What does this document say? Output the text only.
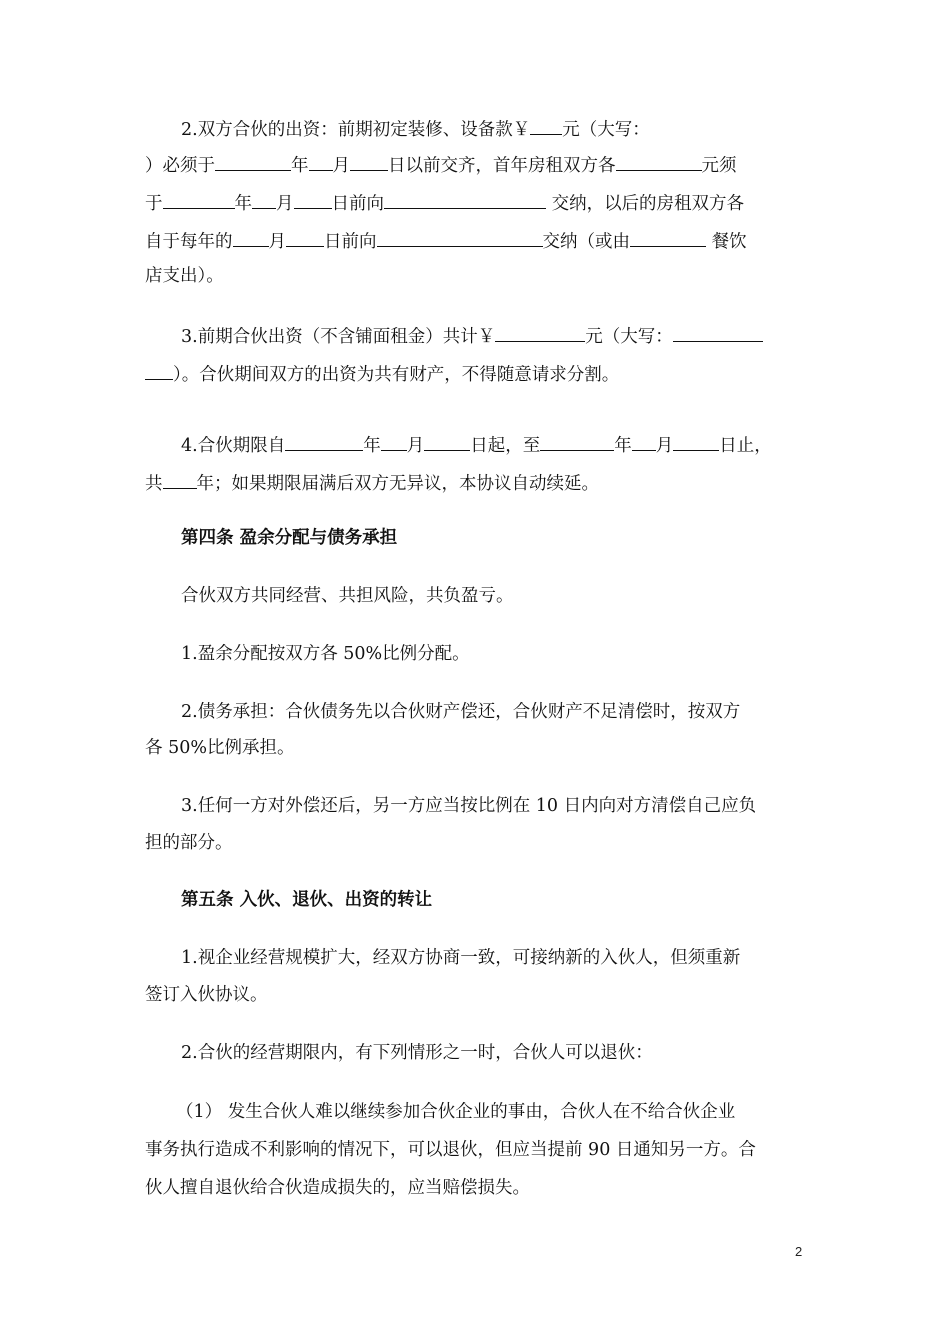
2.双方合伙的出资：前期初定装修、设备款￥ 元（大写：
）必须于	年 月 日以前交齐，首年房租双方各	元须
于	年 月 日前向	交纳，以后的房租双方各
自于每年的 月 日前向	交纳（或由	餐饮
店支出）。
3.前期合伙出资（不含铺面租金）共计￥	元（大写：
）。合伙期间双方的出资为共有财产，不得随意请求分割。
4.合伙期限自	年 月	日起，至	年 月	日止，
共 年；如果期限届满后双方无异议，本协议自动续延。
第四条 盈余分配与债务承担
合伙双方共同经营、共担风险，共负盈亏。
1.盈余分配按双方各 50%比例分配。
2.债务承担：合伙债务先以合伙财产偿还，合伙财产不足清偿时，按双方
各 50%比例承担。
3.任何一方对外偿还后，另一方应当按比例在 10 日内向对方清偿自己应负
担的部分。
第五条 入伙、退伙、出资的转让
1.视企业经营规模扩大，经双方协商一致，可接纳新的入伙人，但须重新
签订入伙协议。
2.合伙的经营期限内，有下列情形之一时，合伙人可以退伙：
（1） 发生合伙人难以继续参加合伙企业的事由，合伙人在不给合伙企业
事务执行造成不利影响的情况下，可以退伙，但应当提前 90 日通知另一方。合
伙人擅自退伙给合伙造成损失的，应当赔偿损失。
2
